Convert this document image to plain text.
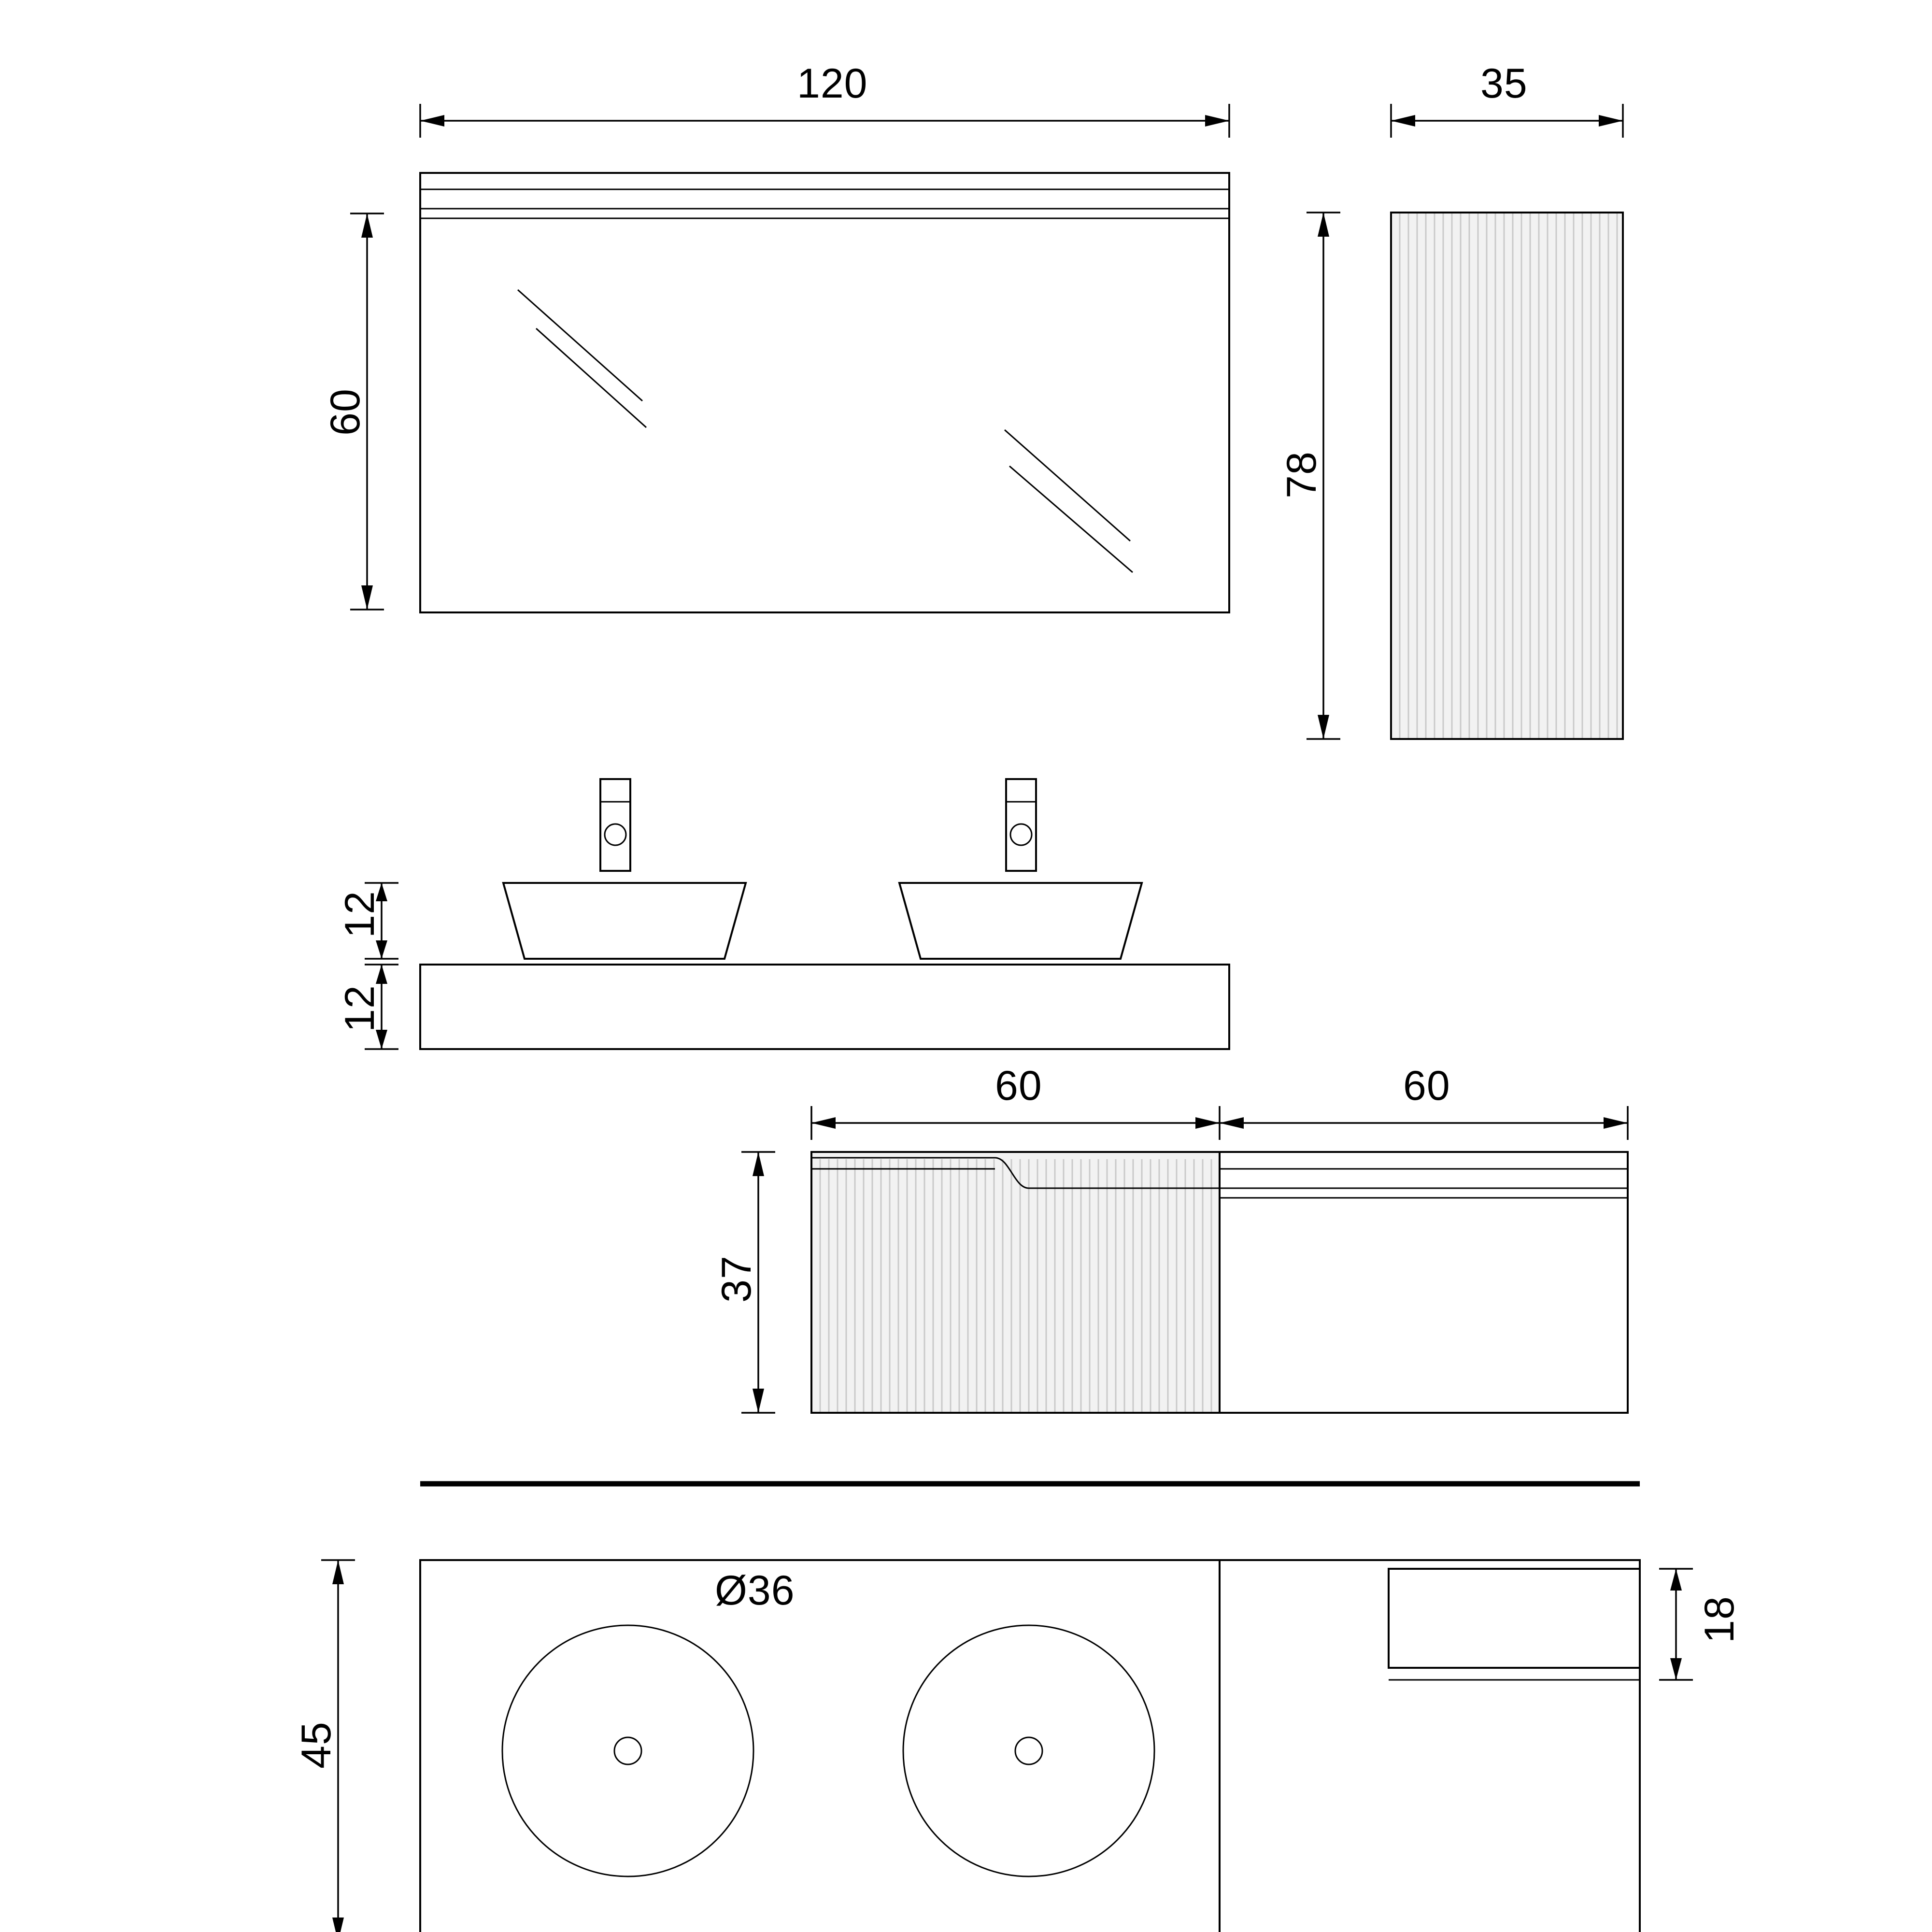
120
60
35
78
12
12
60	60
37
45
Ø36
18
